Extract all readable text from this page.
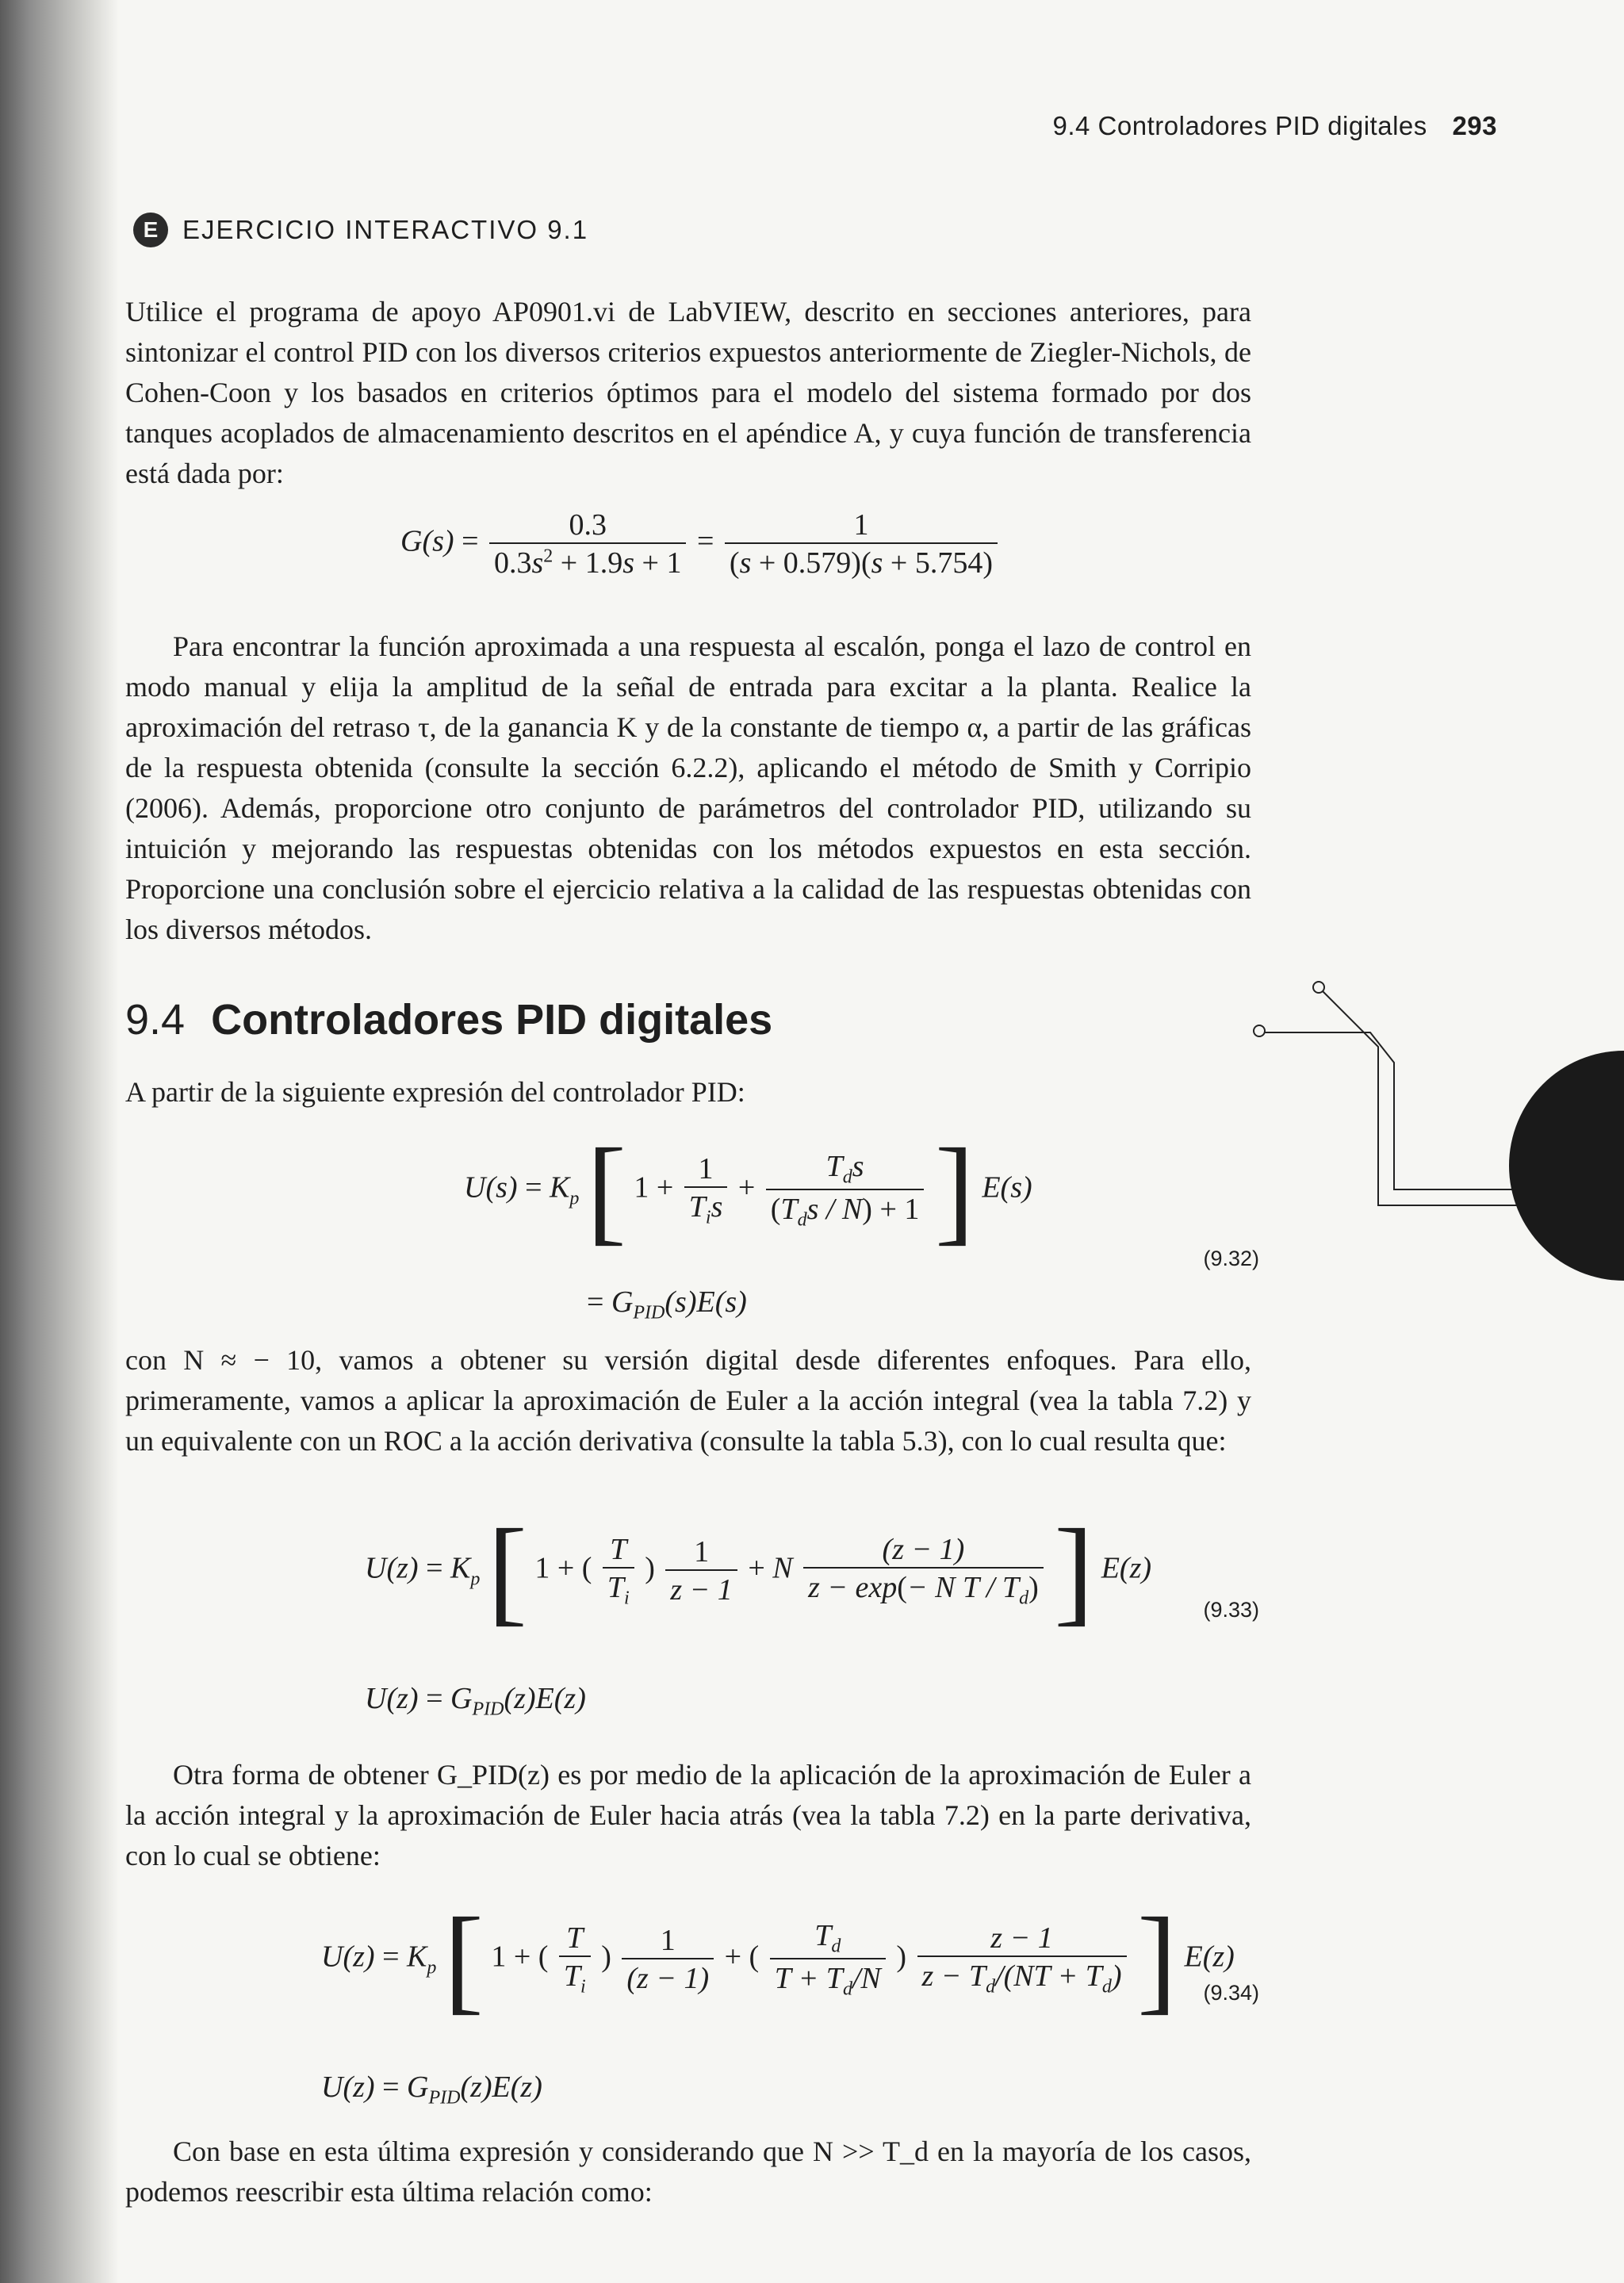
9.4 Controladores PID digitales 293
E EJERCICIO INTERACTIVO 9.1
Utilice el programa de apoyo AP0901.vi de LabVIEW, descrito en secciones anteriores, para sintonizar el control PID con los diversos criterios expuestos anteriormente de Ziegler-Nichols, de Cohen-Coon y los basados en criterios óptimos para el modelo del sistema formado por dos tanques acoplados de almacenamiento descritos en el apéndice A, y cuya función de transferencia está dada por:
$G(s) = \frac{0.3}{0.3s^2 + 1.9s + 1} = \frac{1}{(s + 0.579)(s + 5.754)}$
Para encontrar la función aproximada a una respuesta al escalón, ponga el lazo de control en modo manual y elija la amplitud de la señal de entrada para excitar a la planta. Realice la aproximación del retraso τ, de la ganancia K y de la constante de tiempo α, a partir de las gráficas de la respuesta obtenida (consulte la sección 6.2.2), aplicando el método de Smith y Corripio (2006). Además, proporcione otro conjunto de parámetros del controlador PID, utilizando su intuición y mejorando las respuestas obtenidas con los métodos expuestos en esta sección. Proporcione una conclusión sobre el ejercicio relativa a la calidad de las respuestas obtenidas con los diversos métodos.
9.4 Controladores PID digitales
A partir de la siguiente expresión del controlador PID:
$U(s) = K_p$ [ $1 + \frac{1}{T_is} + \frac{T_ds}{(T_ds / N) + 1}$ ] E(s)
= $G_{PID}(s)E(s)$
(9.32)
con N ≈ − 10, vamos a obtener su versión digital desde diferentes enfoques. Para ello, primeramente, vamos a aplicar la aproximación de Euler a la acción integral (vea la tabla 7.2) y un equivalente con un ROC a la acción derivativa (consulte la tabla 5.3), con lo cual resulta que:
$U(z) = K_p$ [ 1 + ( $\frac{T}{T_i}$ ) $\frac{1}{z - 1} + N \frac{(z - 1)}{z - \exp(- N T / T_d)}$ ] E(z)
$U(z) = G_{PID}(z)E(z)$
(9.33)
Otra forma de obtener G_PID(z) es por medio de la aplicación de la aproximación de Euler a la acción integral y la aproximación de Euler hacia atrás (vea la tabla 7.2) en la parte derivativa, con lo cual se obtiene:
$U(z) = K_p$ [ 1 + ( $\frac{T}{T_i}$ ) $\frac{1}{(z - 1)}$ + ( $\frac{T_d}{T + T_d/N}$ ) $\frac{z - 1}{z - T_d/(NT + T_d)}$ ] E(z)
$U(z) = G_{PID}(z)E(z)$
(9.34)
Con base en esta última expresión y considerando que N >> T_d en la mayoría de los casos, podemos reescribir esta última relación como:
